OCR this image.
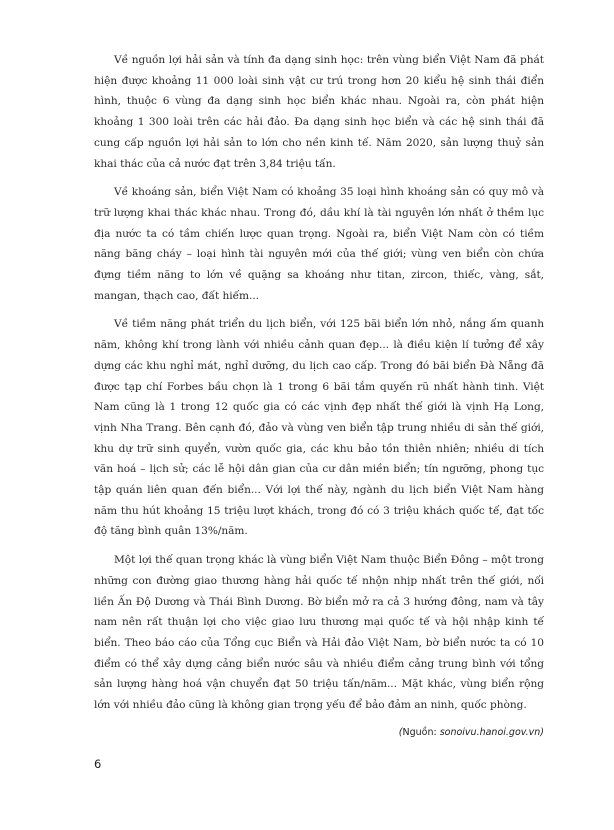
Về nguồn lợi hải sản và tính đa dạng sinh học: trên vùng biển Việt Nam đã phát hiện được khoảng 11 000 loài sinh vật cư trú trong hơn 20 kiểu hệ sinh thái điển hình, thuộc 6 vùng đa dạng sinh học biển khác nhau. Ngoài ra, còn phát hiện khoảng 1 300 loài trên các hải đảo. Đa dạng sinh học biển và các hệ sinh thái đã cung cấp nguồn lợi hải sản to lớn cho nền kinh tế. Năm 2020, sản lượng thuỷ sản khai thác của cả nước đạt trên 3,84 triệu tấn.

Về khoáng sản, biển Việt Nam có khoảng 35 loại hình khoáng sản có quy mô và trữ lượng khai thác khác nhau. Trong đó, dầu khí là tài nguyên lớn nhất ở thềm lục địa nước ta có tầm chiến lược quan trọng. Ngoài ra, biển Việt Nam còn có tiềm năng băng cháy – loại hình tài nguyên mới của thế giới; vùng ven biển còn chứa đựng tiềm năng to lớn về quặng sa khoáng như titan, zircon, thiếc, vàng, sắt, mangan, thạch cao, đất hiếm...

Về tiềm năng phát triển du lịch biển, với 125 bãi biển lớn nhỏ, nắng ấm quanh năm, không khí trong lành với nhiều cảnh quan đẹp... là điều kiện lí tưởng để xây dựng các khu nghỉ mát, nghỉ dưỡng, du lịch cao cấp. Trong đó bãi biển Đà Nẵng đã được tạp chí Forbes bầu chọn là 1 trong 6 bãi tắm quyến rũ nhất hành tinh. Việt Nam cũng là 1 trong 12 quốc gia có các vịnh đẹp nhất thế giới là vịnh Hạ Long, vịnh Nha Trang. Bên cạnh đó, đảo và vùng ven biển tập trung nhiều di sản thế giới, khu dự trữ sinh quyển, vườn quốc gia, các khu bảo tồn thiên nhiên; nhiều di tích văn hoá – lịch sử; các lễ hội dân gian của cư dân miền biển; tín ngưỡng, phong tục tập quán liên quan đến biển... Với lợi thế này, ngành du lịch biển Việt Nam hàng năm thu hút khoảng 15 triệu lượt khách, trong đó có 3 triệu khách quốc tế, đạt tốc độ tăng bình quân 13%/năm.

Một lợi thế quan trọng khác là vùng biển Việt Nam thuộc Biển Đông – một trong những con đường giao thương hàng hải quốc tế nhộn nhịp nhất trên thế giới, nối liền Ấn Độ Dương và Thái Bình Dương. Bờ biển mở ra cả 3 hướng đông, nam và tây nam nên rất thuận lợi cho việc giao lưu thương mại quốc tế và hội nhập kinh tế biển. Theo báo cáo của Tổng cục Biển và Hải đảo Việt Nam, bờ biển nước ta có 10 điểm có thể xây dựng cảng biển nước sâu và nhiều điểm cảng trung bình với tổng sản lượng hàng hoá vận chuyển đạt 50 triệu tấn/năm... Mặt khác, vùng biển rộng lớn với nhiều đảo cũng là không gian trọng yếu để bảo đảm an ninh, quốc phòng.

(Nguồn: sonoivu.hanoi.gov.vn)

6
